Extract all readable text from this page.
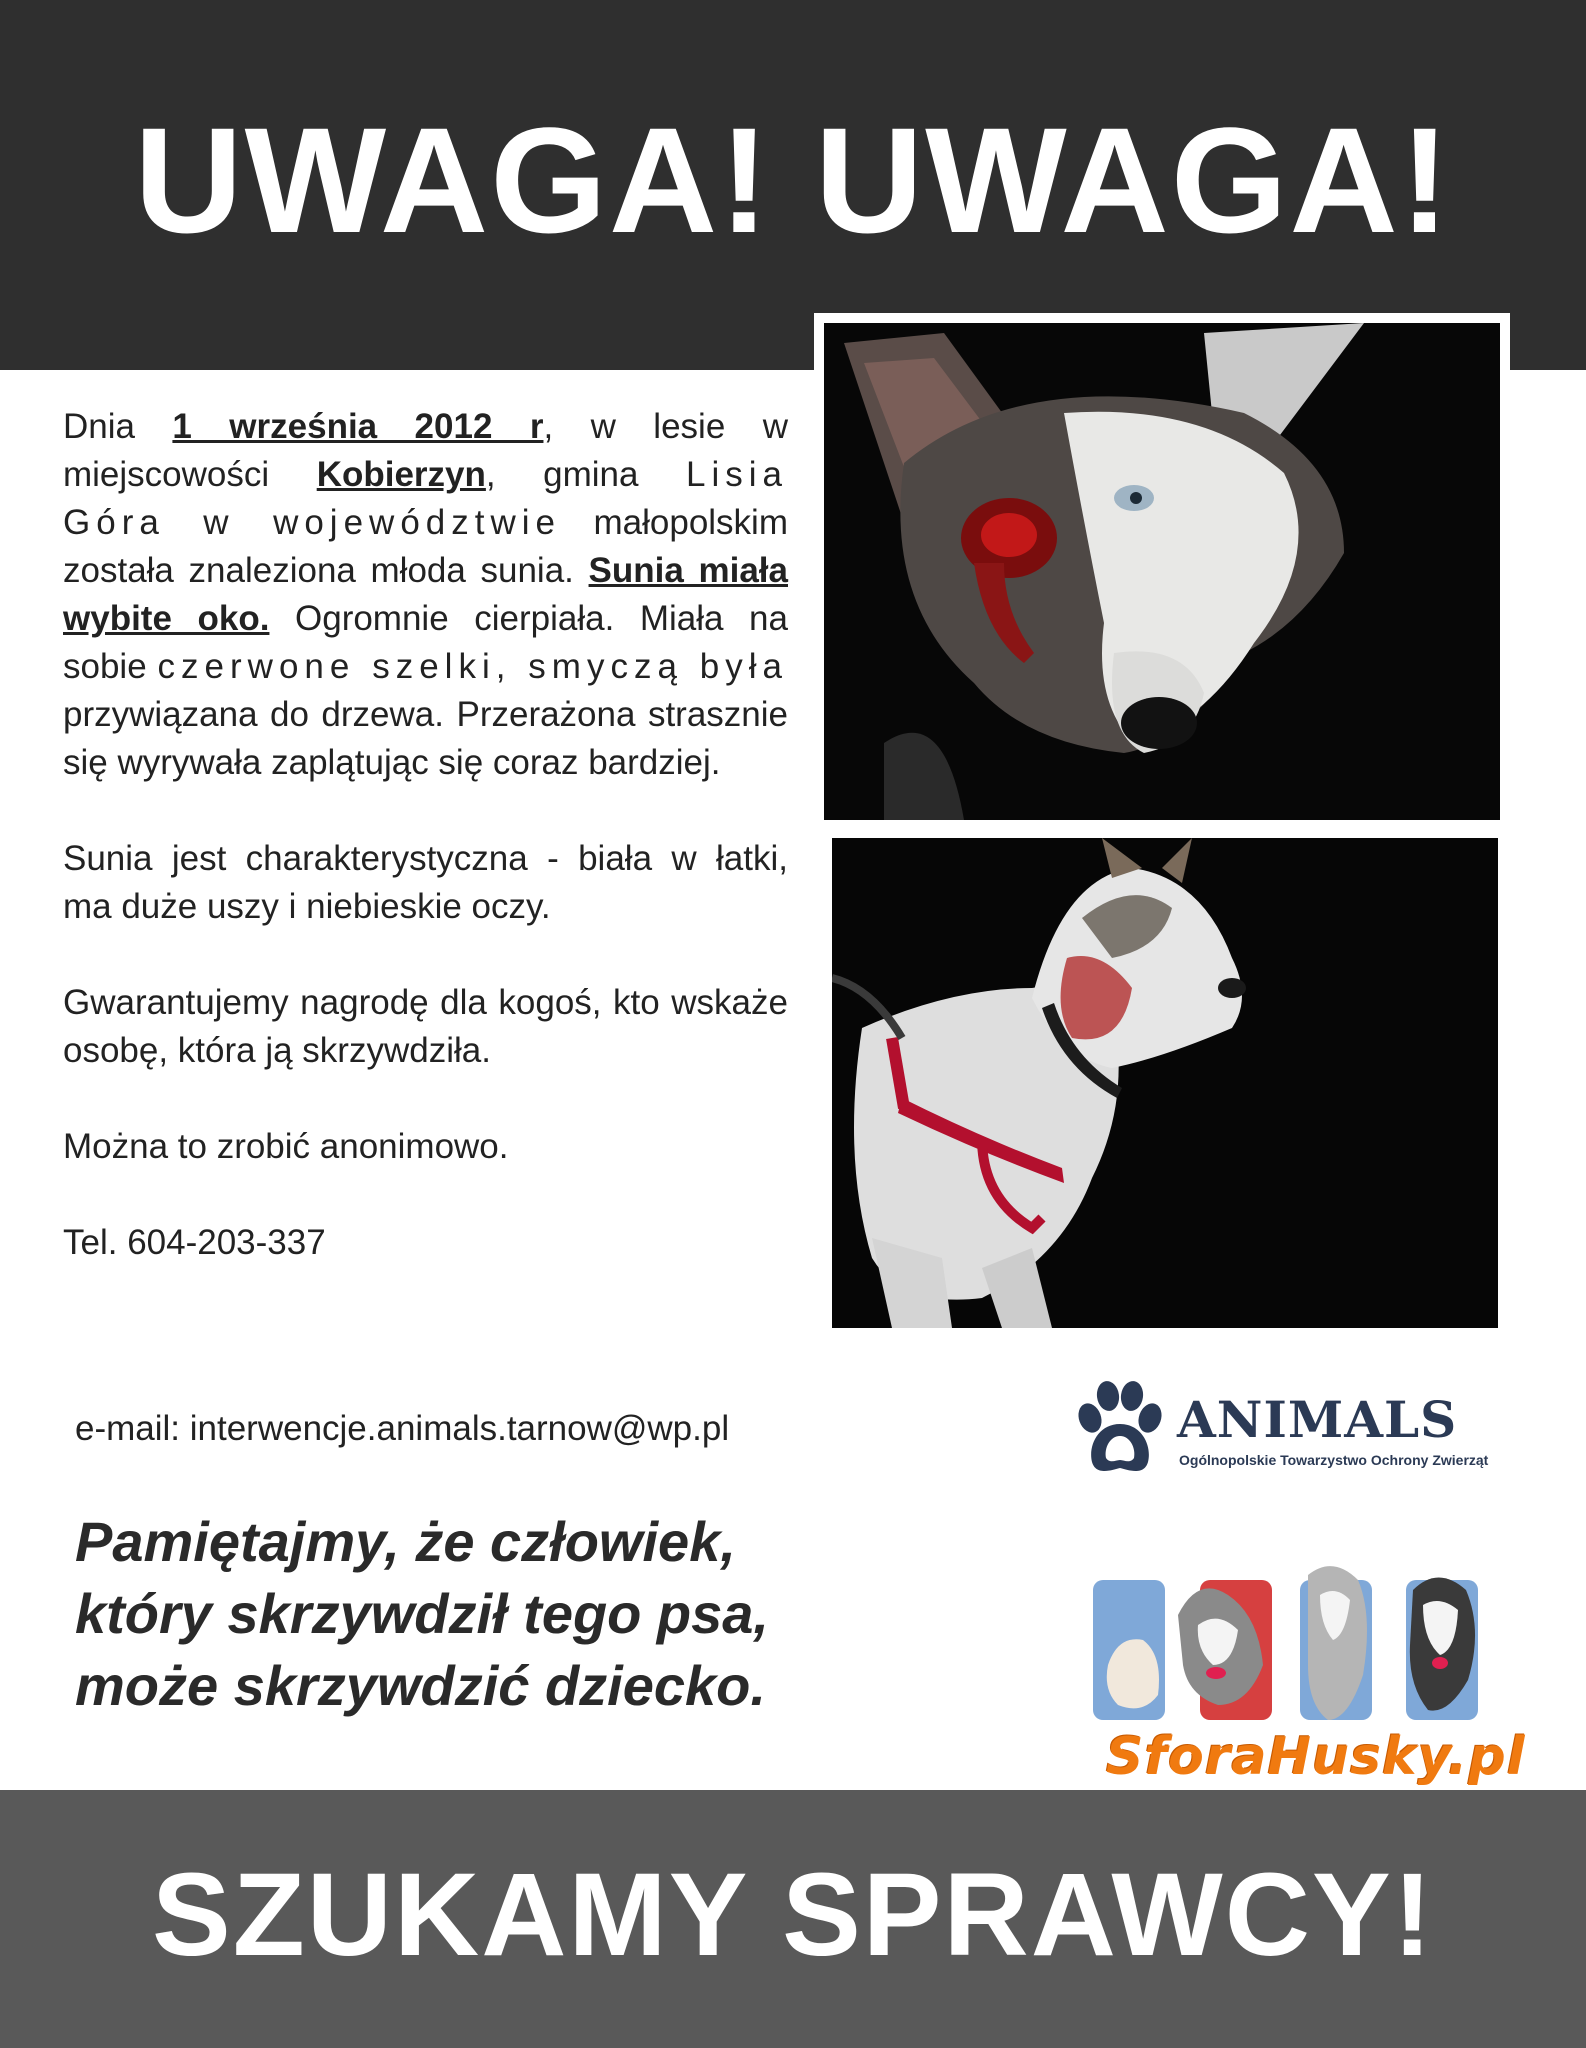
UWAGA! UWAGA!

Dnia 1 września 2012 r, w lesie w miejscowości Kobierzyn, gmina Lisia Góra w województwie małopolskim została znaleziona młoda sunia. Sunia miała wybite oko. Ogromnie cierpiała. Miała na sobie czerwone szelki, smyczą była przywiązana do drzewa. Przerażona strasznie się wyrywała zaplątując się coraz bardziej.

Sunia jest charakterystyczna - biała w łatki, ma duże uszy i niebieskie oczy.

Gwarantujemy nagrodę dla kogoś, kto wskaże osobę, która ją skrzywdziła.

Można to zrobić anonimowo.

Tel. 604-203-337

e-mail: interwencje.animals.tarnow@wp.pl

Pamiętajmy, że człowiek,
który skrzywdził tego psa,
może skrzywdzić dziecko.

ANIMALS
Ogólnopolskie Towarzystwo Ochrony Zwierząt
SforaHusky.pl
SZUKAMY SPRAWCY!
